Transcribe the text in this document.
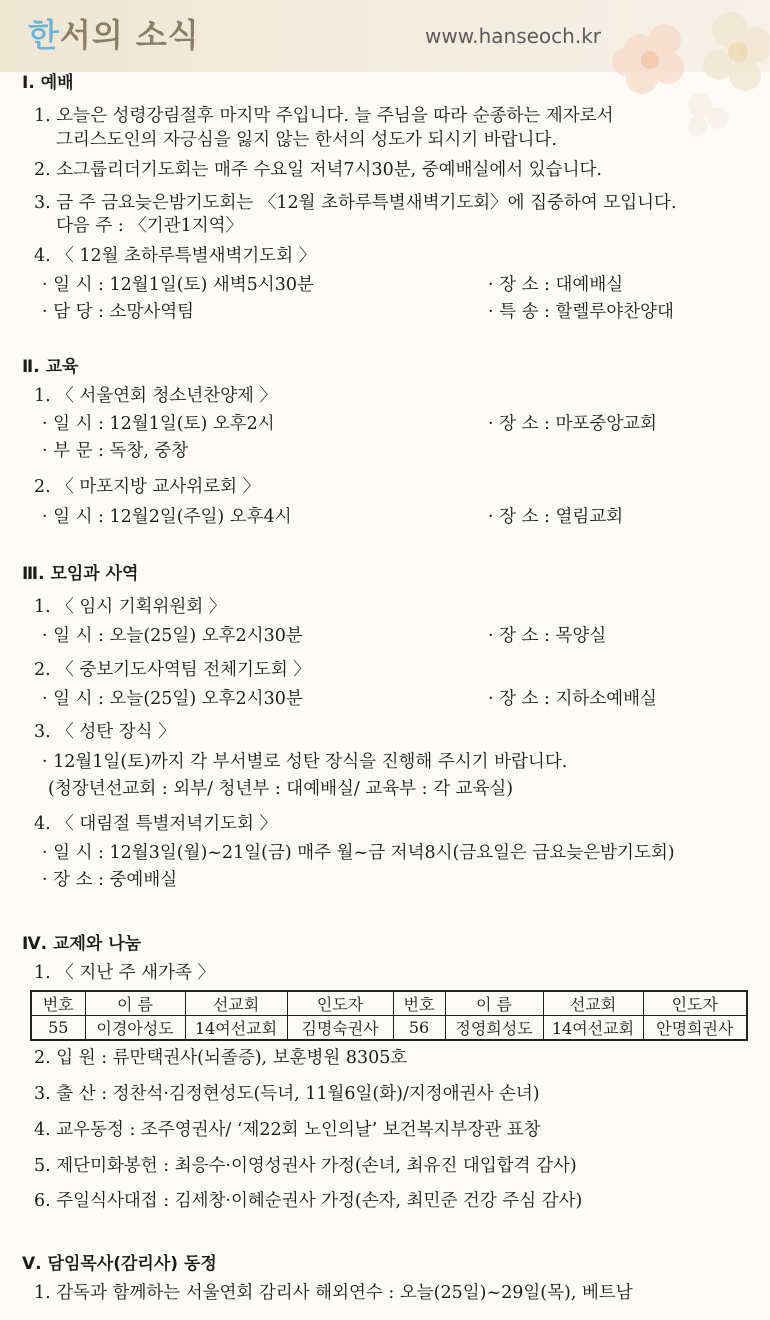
한서의 소식	www.hanseoch.kr
Ⅰ. 예배
1. 오늘은 성령강림절후 마지막 주입니다. 늘 주님을 따라 순종하는 제자로서
그리스도인의 자긍심을 잃지 않는 한서의 성도가 되시기 바랍니다.
2. 소그룹리더기도회는 매주 수요일 저녁7시30분, 중예배실에서 있습니다.
3. 금 주 금요늦은밤기도회는 〈12월 초하루특별새벽기도회〉에 집중하여 모입니다.
다음 주 : 〈기관1지역〉
4. 〈 12월 초하루특별새벽기도회 〉
· 일 시 : 12월1일(토) 새벽5시30분	· 장 소 : 대예배실
· 담 당 : 소망사역팀	· 특 송 : 할렐루야찬양대
Ⅱ. 교육
1. 〈 서울연회 청소년찬양제 〉
· 일 시 : 12월1일(토) 오후2시	· 장 소 : 마포중앙교회
· 부 문 : 독창, 중창
2. 〈 마포지방 교사위로회 〉
· 일 시 : 12월2일(주일) 오후4시	· 장 소 : 열림교회
Ⅲ. 모임과 사역
1. 〈 임시 기획위원회 〉
· 일 시 : 오늘(25일) 오후2시30분	· 장 소 : 목양실
2. 〈 중보기도사역팀 전체기도회 〉
· 일 시 : 오늘(25일) 오후2시30분	· 장 소 : 지하소예배실
3. 〈 성탄 장식 〉
· 12월1일(토)까지 각 부서별로 성탄 장식을 진행해 주시기 바랍니다.
(청장년선교회 : 외부/ 청년부 : 대예배실/ 교육부 : 각 교육실)
4. 〈 대림절 특별저녁기도회 〉
· 일 시 : 12월3일(월)~21일(금) 매주 월~금 저녁8시(금요일은 금요늦은밤기도회)
· 장 소 : 중예배실
Ⅳ. 교제와 나눔
1. 〈 지난 주 새가족 〉
번호	이 름	선교회	인도자	번호	이 름	선교회	인도자
55	이경아성도	14여선교회	김명숙권사	56	정영희성도	14여선교회	안명희권사
2. 입 원 : 류만택권사(뇌졸증), 보훈병원 8305호
3. 출 산 : 정찬석·김정현성도(득녀, 11월6일(화)/지정애권사 손녀)
4. 교우동정 : 조주영권사/ ‘제22회 노인의날’ 보건복지부장관 표창
5. 제단미화봉헌 : 최응수·이영성권사 가정(손녀, 최유진 대입합격 감사)
6. 주일식사대접 : 김세창·이혜순권사 가정(손자, 최민준 건강 주심 감사)
Ⅴ. 담임목사(감리사) 동정
1. 감독과 함께하는 서울연회 감리사 해외연수 : 오늘(25일)~29일(목), 베트남
